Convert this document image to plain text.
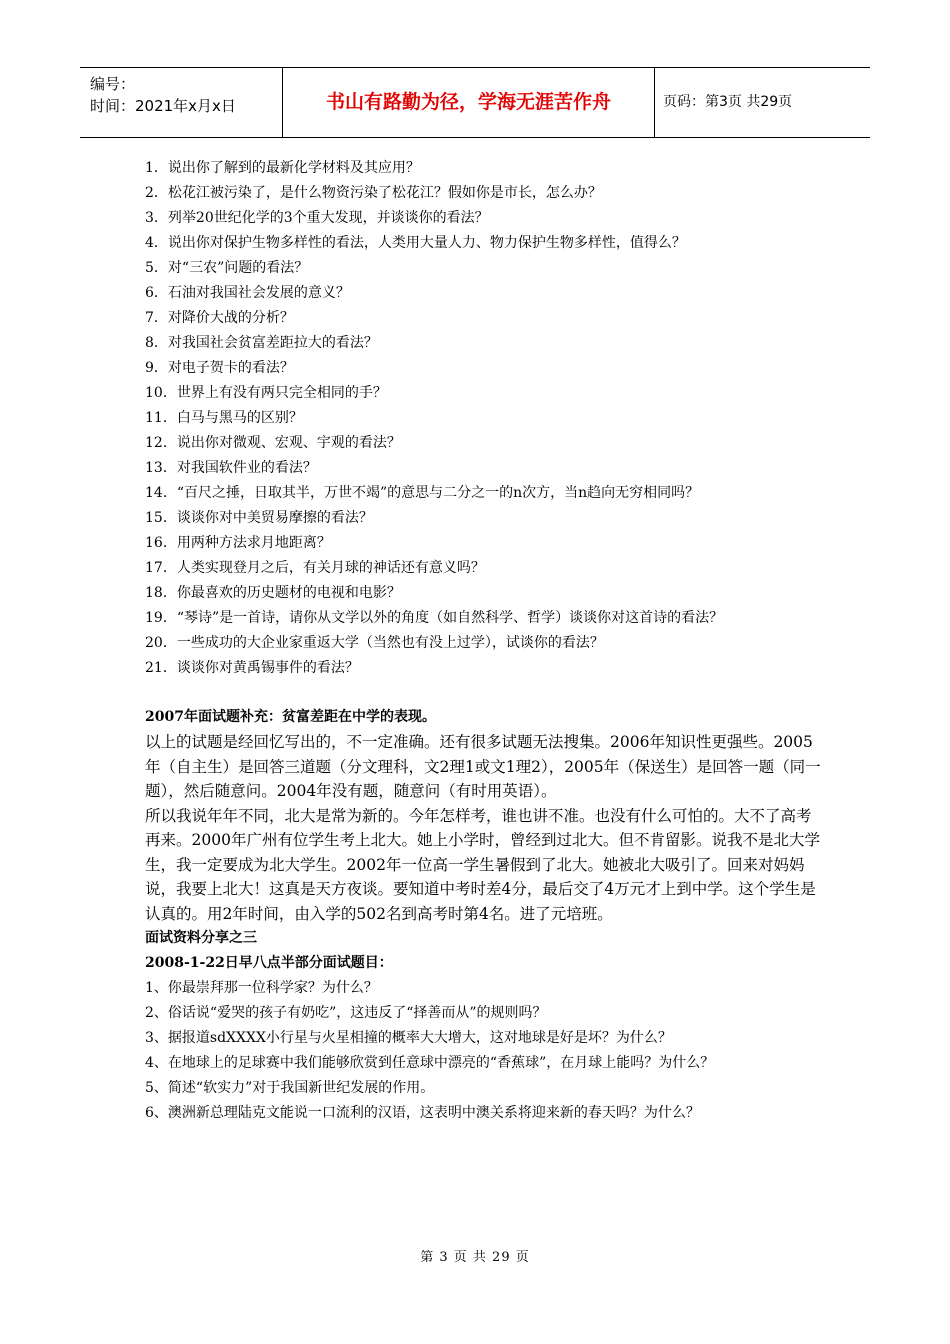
编号：
时间：2021年x月x日	书山有路勤为径，学海无涯苦作舟	页码：第3页 共29页

1．说出你了解到的最新化学材料及其应用？

2．松花江被污染了，是什么物资污染了松花江？假如你是市长，怎么办？

3．列举20世纪化学的3个重大发现，并谈谈你的看法？

4．说出你对保护生物多样性的看法，人类用大量人力、物力保护生物多样性，值得么？

5．对“三农”问题的看法？

6．石油对我国社会发展的意义？

7．对降价大战的分析？

8．对我国社会贫富差距拉大的看法？

9．对电子贺卡的看法？

10．世界上有没有两只完全相同的手？

11．白马与黑马的区别？

12．说出你对微观、宏观、宇观的看法？

13．对我国软件业的看法？

14．“百尺之捶，日取其半，万世不竭”的意思与二分之一的n次方，当n趋向无穷相同吗？

15．谈谈你对中美贸易摩擦的看法？

16．用两种方法求月地距离？

17．人类实现登月之后，有关月球的神话还有意义吗？

18．你最喜欢的历史题材的电视和电影？

19．“琴诗”是一首诗，请你从文学以外的角度（如自然科学、哲学）谈谈你对这首诗的看法？

20．一些成功的大企业家重返大学（当然也有没上过学），试谈你的看法？

21．谈谈你对黄禹锡事件的看法？

2007年面试题补充：贫富差距在中学的表现。

以上的试题是经回忆写出的，不一定准确。还有很多试题无法搜集。2006年知识性更强些。2005年（自主生）是回答三道题（分文理科，文2理1或文1理2），2005年（保送生）是回答一题（同一题），然后随意问。2004年没有题，随意问（有时用英语）。

所以我说年年不同，北大是常为新的。今年怎样考，谁也讲不准。也没有什么可怕的。大不了高考再来。2000年广州有位学生考上北大。她上小学时，曾经到过北大。但不肯留影。说我不是北大学生，我一定要成为北大学生。2002年一位高一学生暑假到了北大。她被北大吸引了。回来对妈妈说，我要上北大！这真是天方夜谈。要知道中考时差4分，最后交了4万元才上到中学。这个学生是认真的。用2年时间，由入学的502名到高考时第4名。进了元培班。

面试资料分享之三

2008-1-22日早八点半部分面试题目：

1、你最崇拜那一位科学家？为什么？

2、俗话说“爱哭的孩子有奶吃”，这违反了“择善而从”的规则吗？

3、据报道sdXXXX小行星与火星相撞的概率大大增大，这对地球是好是坏？为什么？

4、在地球上的足球赛中我们能够欣赏到任意球中漂亮的“香蕉球”，在月球上能吗？为什么？

5、简述“软实力”对于我国新世纪发展的作用。

6、澳洲新总理陆克文能说一口流利的汉语，这表明中澳关系将迎来新的春天吗？为什么？

第 3 页 共 29 页
